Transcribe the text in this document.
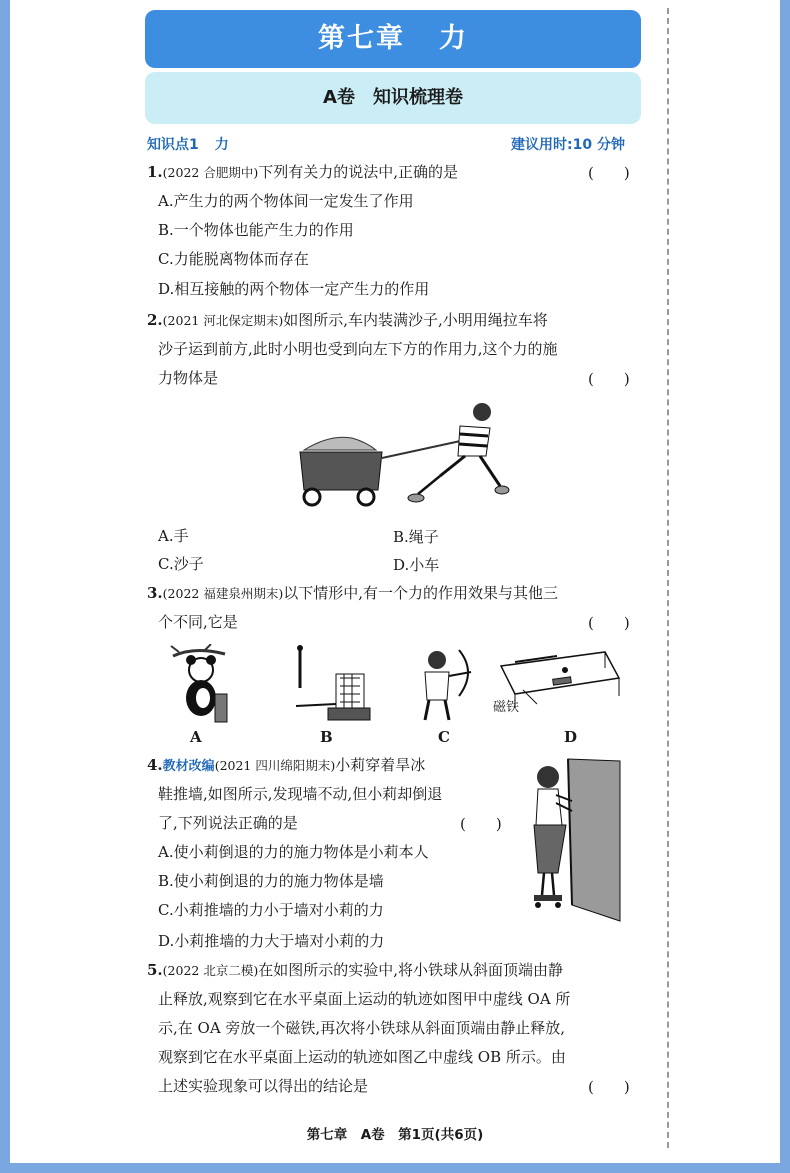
第七章 力
A卷 知识梳理卷
知识点1 力	建议用时:10 分钟
1.(2022 合肥期中)下列有关力的说法中,正确的是	(　　)
A.产生力的两个物体间一定发生了作用
B.一个物体也能产生力的作用
C.力能脱离物体而存在
D.相互接触的两个物体一定产生力的作用
2.(2021 河北保定期末)如图所示,车内装满沙子,小明用绳拉车将
沙子运到前方,此时小明也受到向左下方的作用力,这个力的施
力物体是	(　　)
A.手	B.绳子
C.沙子	D.小车
3.(2022 福建泉州期末)以下情形中,有一个力的作用效果与其他三
个不同,它是	(　　)
磁铁
A	B	C	D
4.教材改编(2021 四川绵阳期末)小莉穿着旱冰
鞋推墙,如图所示,发现墙不动,但小莉却倒退
了,下列说法正确的是	(　　)
A.使小莉倒退的力的施力物体是小莉本人
B.使小莉倒退的力的施力物体是墙
C.小莉推墙的力小于墙对小莉的力
D.小莉推墙的力大于墙对小莉的力
5.(2022 北京二模)在如图所示的实验中,将小铁球从斜面顶端由静
止释放,观察到它在水平桌面上运动的轨迹如图甲中虚线 OA 所
示,在 OA 旁放一个磁铁,再次将小铁球从斜面顶端由静止释放,
观察到它在水平桌面上运动的轨迹如图乙中虚线 OB 所示。由
上述实验现象可以得出的结论是	(　　)
第七章　A卷　第1页(共6页)
